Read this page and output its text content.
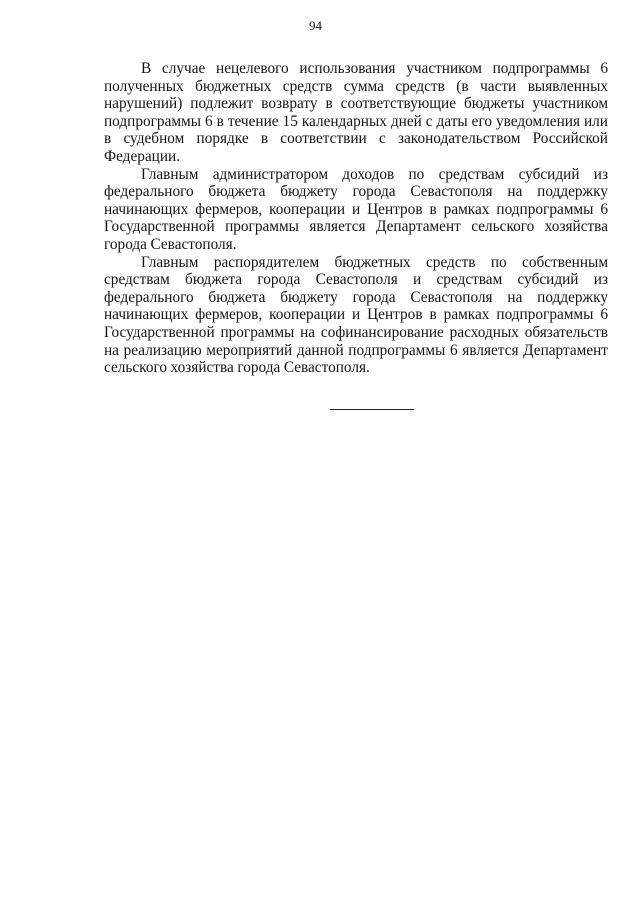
94

В случае нецелевого использования участником подпрограммы 6 полученных бюджетных средств сумма средств (в части выявленных нарушений) подлежит возврату в соответствующие бюджеты участником подпрограммы 6 в течение 15 календарных дней с даты его уведомления или в судебном порядке в соответствии с законодательством Российской Федерации.

Главным администратором доходов по средствам субсидий из федерального бюджета бюджету города Севастополя на поддержку начинающих фермеров, кооперации и Центров в рамках подпрограммы 6 Государственной программы является Департамент сельского хозяйства города Севастополя.

Главным распорядителем бюджетных средств по собственным средствам бюджета города Севастополя и средствам субсидий из федерального бюджета бюджету города Севастополя на поддержку начинающих фермеров, кооперации и Центров в рамках подпрограммы 6 Государственной программы на софинансирование расходных обязательств на реализацию мероприятий данной подпрограммы 6 является Департамент сельского хозяйства города Севастополя.
